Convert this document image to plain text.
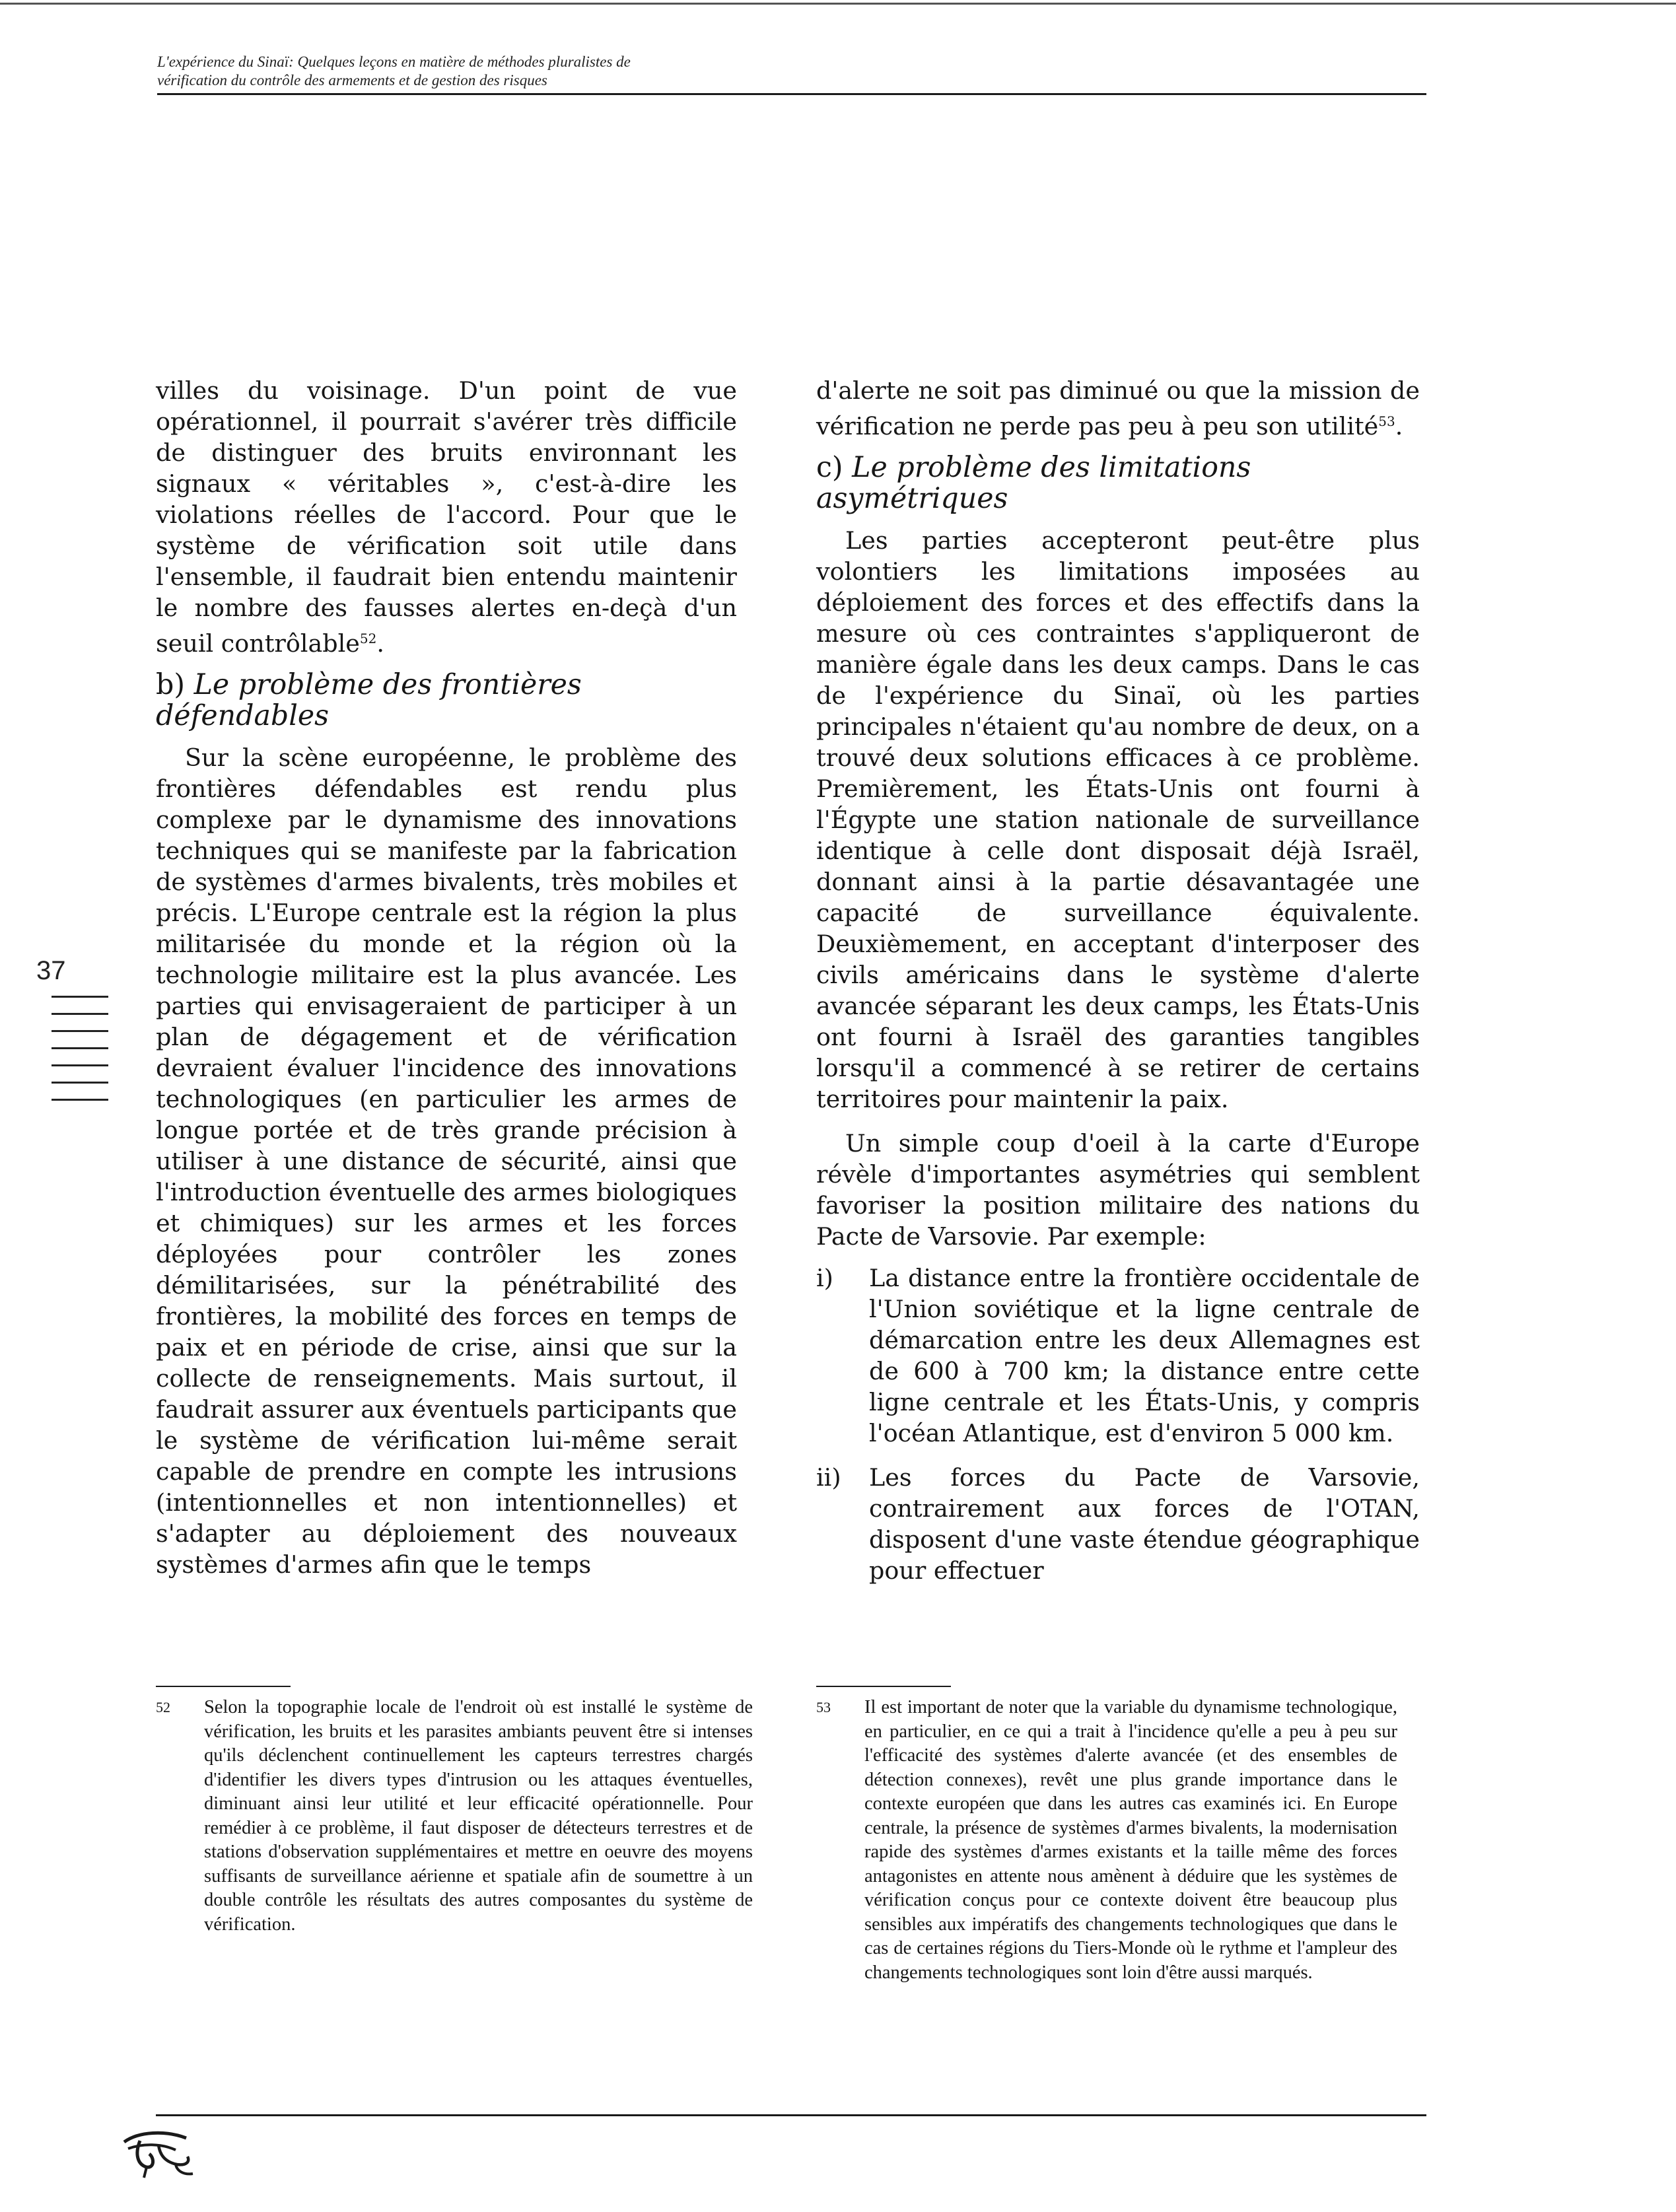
L'expérience du Sinaï: Quelques leçons en matière de méthodes pluralistes de
vérification du contrôle des armements et de gestion des risques

villes du voisinage. D'un point de vue opérationnel, il pourrait s'avérer très difficile de distinguer des bruits environnant les signaux « véritables », c'est-à-dire les violations réelles de l'accord. Pour que le système de vérification soit utile dans l'ensemble, il faudrait bien entendu maintenir le nombre des fausses alertes en-deçà d'un seuil contrôlable$^{52}$.

b) Le problème des frontières défendables

Sur la scène européenne, le problème des frontières défendables est rendu plus complexe par le dynamisme des innovations techniques qui se manifeste par la fabrication de systèmes d'armes bivalents, très mobiles et précis. L'Europe centrale est la région la plus militarisée du monde et la région où la technologie militaire est la plus avancée. Les parties qui envisageraient de participer à un plan de dégagement et de vérification devraient évaluer l'incidence des innovations technologiques (en particulier les armes de longue portée et de très grande précision à utiliser à une distance de sécurité, ainsi que l'introduction éventuelle des armes biologiques et chimiques) sur les armes et les forces déployées pour contrôler les zones démilitarisées, sur la pénétrabilité des frontières, la mobilité des forces en temps de paix et en période de crise, ainsi que sur la collecte de renseignements. Mais surtout, il faudrait assurer aux éventuels participants que le système de vérification lui-même serait capable de prendre en compte les intrusions (intentionnelles et non intentionnelles) et s'adapter au déploiement des nouveaux systèmes d'armes afin que le temps

d'alerte ne soit pas diminué ou que la mission de vérification ne perde pas peu à peu son utilité$^{53}$.

c) Le problème des limitations asymétriques

Les parties accepteront peut-être plus volontiers les limitations imposées au déploiement des forces et des effectifs dans la mesure où ces contraintes s'appliqueront de manière égale dans les deux camps. Dans le cas de l'expérience du Sinaï, où les parties principales n'étaient qu'au nombre de deux, on a trouvé deux solutions efficaces à ce problème. Premièrement, les États-Unis ont fourni à l'Égypte une station nationale de surveillance identique à celle dont disposait déjà Israël, donnant ainsi à la partie désavantagée une capacité de surveillance équivalente. Deuxièmement, en acceptant d'interposer des civils américains dans le système d'alerte avancée séparant les deux camps, les États-Unis ont fourni à Israël des garanties tangibles lorsqu'il a commencé à se retirer de certains territoires pour maintenir la paix.

Un simple coup d'oeil à la carte d'Europe révèle d'importantes asymétries qui semblent favoriser la position militaire des nations du Pacte de Varsovie. Par exemple:

i)	La distance entre la frontière occidentale de l'Union soviétique et la ligne centrale de démarcation entre les deux Allemagnes est de 600 à 700 km; la distance entre cette ligne centrale et les États-Unis, y compris l'océan Atlantique, est d'environ 5 000 km.
ii)	Les forces du Pacte de Varsovie, contrairement aux forces de l'OTAN, disposent d'une vaste étendue géographique pour effectuer
37
52 Selon la topographie locale de l'endroit où est installé le système de vérification, les bruits et les parasites ambiants peuvent être si intenses qu'ils déclenchent continuellement les capteurs terrestres chargés d'identifier les divers types d'intrusion ou les attaques éventuelles, diminuant ainsi leur utilité et leur efficacité opérationnelle. Pour remédier à ce problème, il faut disposer de détecteurs terrestres et de stations d'observation supplémentaires et mettre en oeuvre des moyens suffisants de surveillance aérienne et spatiale afin de soumettre à un double contrôle les résultats des autres composantes du système de vérification.
53 Il est important de noter que la variable du dynamisme technologique, en particulier, en ce qui a trait à l'incidence qu'elle a peu à peu sur l'efficacité des systèmes d'alerte avancée (et des ensembles de détection connexes), revêt une plus grande importance dans le contexte européen que dans les autres cas examinés ici. En Europe centrale, la présence de systèmes d'armes bivalents, la modernisation rapide des systèmes d'armes existants et la taille même des forces antagonistes en attente nous amènent à déduire que les systèmes de vérification conçus pour ce contexte doivent être beaucoup plus sensibles aux impératifs des changements technologiques que dans le cas de certaines régions du Tiers-Monde où le rythme et l'ampleur des changements technologiques sont loin d'être aussi marqués.
